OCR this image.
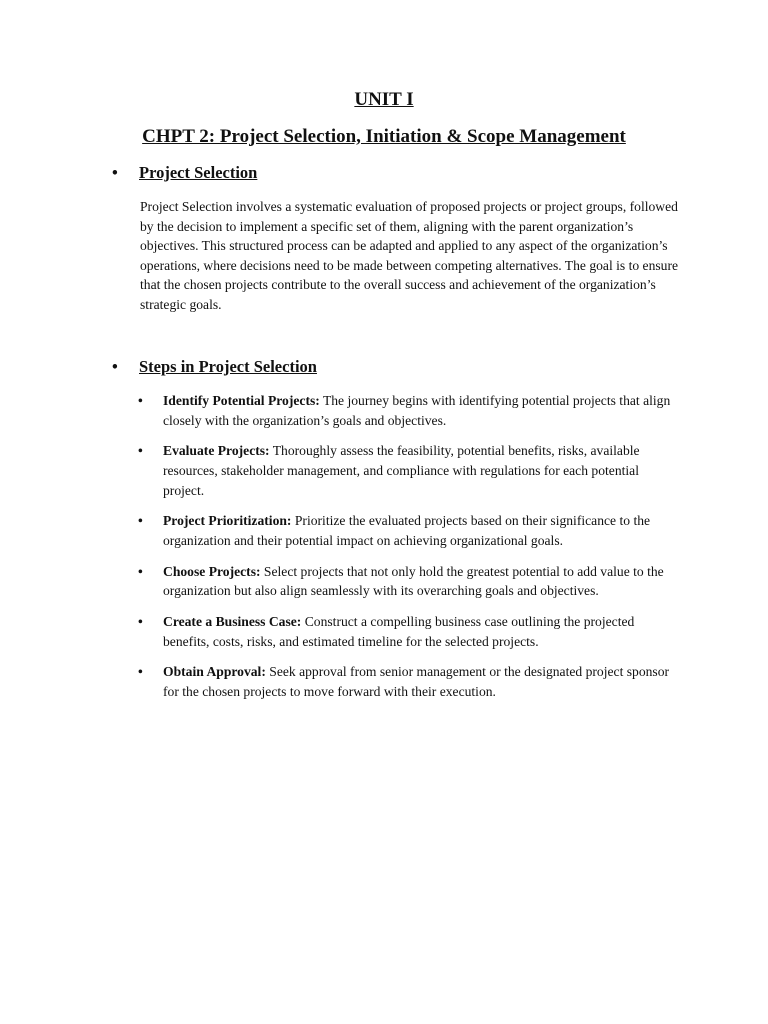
UNIT I
CHPT 2: Project Selection, Initiation & Scope Management
• Project Selection

Project Selection involves a systematic evaluation of proposed projects or project groups, followed by the decision to implement a specific set of them, aligning with the parent organization’s objectives. This structured process can be adapted and applied to any aspect of the organization’s operations, where decisions need to be made between competing alternatives. The goal is to ensure that the chosen projects contribute to the overall success and achievement of the organization’s strategic goals.

• Steps in Project Selection
• Identify Potential Projects: The journey begins with identifying potential projects that align closely with the organization’s goals and objectives.
• Evaluate Projects: Thoroughly assess the feasibility, potential benefits, risks, available resources, stakeholder management, and compliance with regulations for each potential project.
• Project Prioritization: Prioritize the evaluated projects based on their significance to the organization and their potential impact on achieving organizational goals.
• Choose Projects: Select projects that not only hold the greatest potential to add value to the organization but also align seamlessly with its overarching goals and objectives.
• Create a Business Case: Construct a compelling business case outlining the projected benefits, costs, risks, and estimated timeline for the selected projects.
• Obtain Approval: Seek approval from senior management or the designated project sponsor for the chosen projects to move forward with their execution.
